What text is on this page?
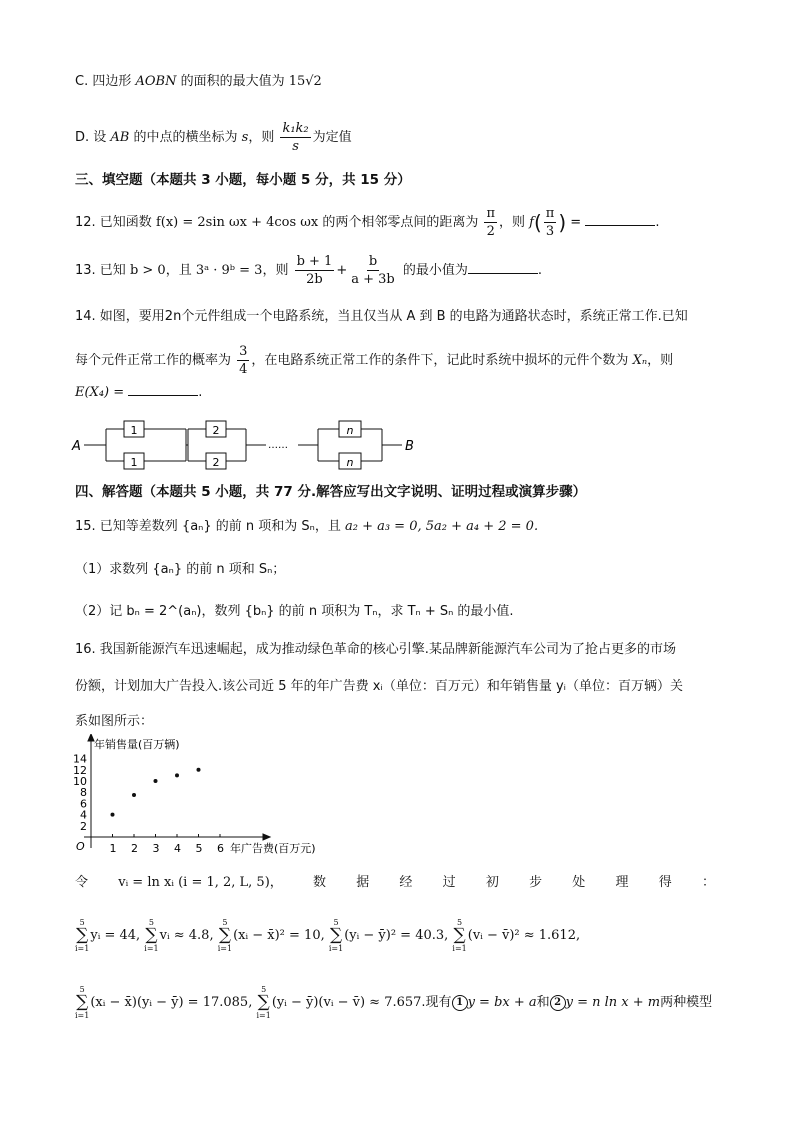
C. 四边形 AOBN 的面积的最大值为 15√2
D. 设 AB 的中点的横坐标为 s，则 $\frac{\text{k₁k₂}}{s}$ 为定值
三、填空题（本题共 3 小题，每小题 5 分，共 15 分）
12. 已知函数 f(x) = 2sin ωx + 4cos ωx 的两个相邻零点间的距离为 $\frac{\pi}{2}$ ，则 $f( \frac{\pi}{3}$ ) =	.
13. 已知 b > 0，且 3ᵃ · 9ᵇ = 3，则 $\frac{b + 1}{2b} + \frac{b}{a + 3b}$ 的最小值为	.
14. 如图，要用2n个元件组成一个电路系统，当且仅当从 A 到 B 的电路为通路状态时，系统正常工作.已知
每个元件正常工作的概率为 $\frac{3}{4}$ ，在电路系统正常工作的条件下，记此时系统中损坏的元件个数为 Xₙ，则
E(X₄) =	.
A	B
……
1
1
2
2
n
n
四、解答题（本题共 5 小题，共 77 分.解答应写出文字说明、证明过程或演算步骤）
15. 已知等差数列 {aₙ} 的前 n 项和为 Sₙ，且 a₂ + a₃ = 0, 5a₂ + a₄ + 2 = 0.
（1）求数列 {aₙ} 的前 n 项和 Sₙ；
（2）记 bₙ = 2^(aₙ)，数列 {bₙ} 的前 n 项积为 Tₙ，求 Tₙ + Sₙ 的最小值.
16. 我国新能源汽车迅速崛起，成为推动绿色革命的核心引擎.某品牌新能源汽车公司为了抢占更多的市场
份额，计划加大广告投入.该公司近 5 年的年广告费 xᵢ（单位：百万元）和年销售量 yᵢ（单位：百万辆）关
系如图所示：
年销售量(百万辆)
年广告费(百万元)
O 1 2 3 4 5 6
2
4
6
8
10
12
14
令 vᵢ = ln xᵢ (i = 1, 2, L, 5)， 数 据 经 过 初 步 处 理 得 ：
5
∑
i=1
yᵢ = 44,
5
∑
i=1
vᵢ ≈ 4.8,
5
∑
i=1
(xᵢ − x̄)² = 10,
5
∑
i=1
(yᵢ − ȳ)² = 40.3,
5
∑
i=1
(vᵢ − v̄)² ≈ 1.612,
5
∑
i=1
(xᵢ − x̄)(yᵢ − ȳ) = 17.085,
5
∑
i=1
(yᵢ − ȳ)(vᵢ − v̄) ≈ 7.657.现有 1 y = bx + a和 2 y = n ln x + m两种模型
